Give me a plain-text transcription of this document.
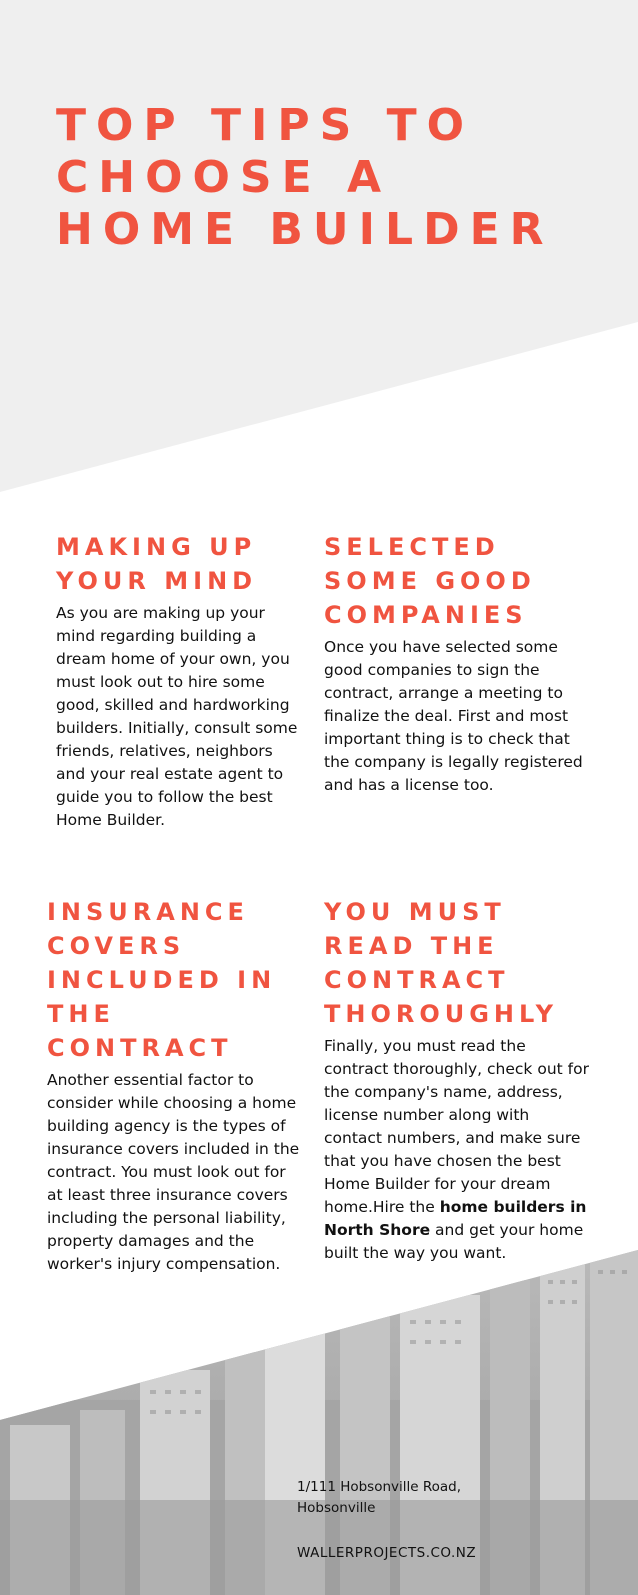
TOP TIPS TO CHOOSE A HOME BUILDER
MAKING UP YOUR MIND

As you are making up your mind regarding building a dream home of your own, you must look out to hire some good, skilled and hardworking builders. Initially, consult some friends, relatives, neighbors and your real estate agent to guide you to follow the best Home Builder.

SELECTED SOME GOOD COMPANIES

Once you have selected some good companies to sign the contract, arrange a meeting to finalize the deal. First and most important thing is to check that the company is legally registered and has a license too.

INSURANCE COVERS INCLUDED IN THE CONTRACT

Another essential factor to consider while choosing a home building agency is the types of insurance covers included in the contract. You must look out for at least three insurance covers including the personal liability, property damages and the worker's injury compensation.

YOU MUST READ THE CONTRACT THOROUGHLY

Finally, you must read the contract thoroughly, check out for the company's name, address, license number along with contact numbers, and make sure that you have chosen the best Home Builder for your dream home.Hire the home builders in North Shore and get your home built the way you want.

1/111 Hobsonville Road, Hobsonville
WALLERPROJECTS.CO.NZ
